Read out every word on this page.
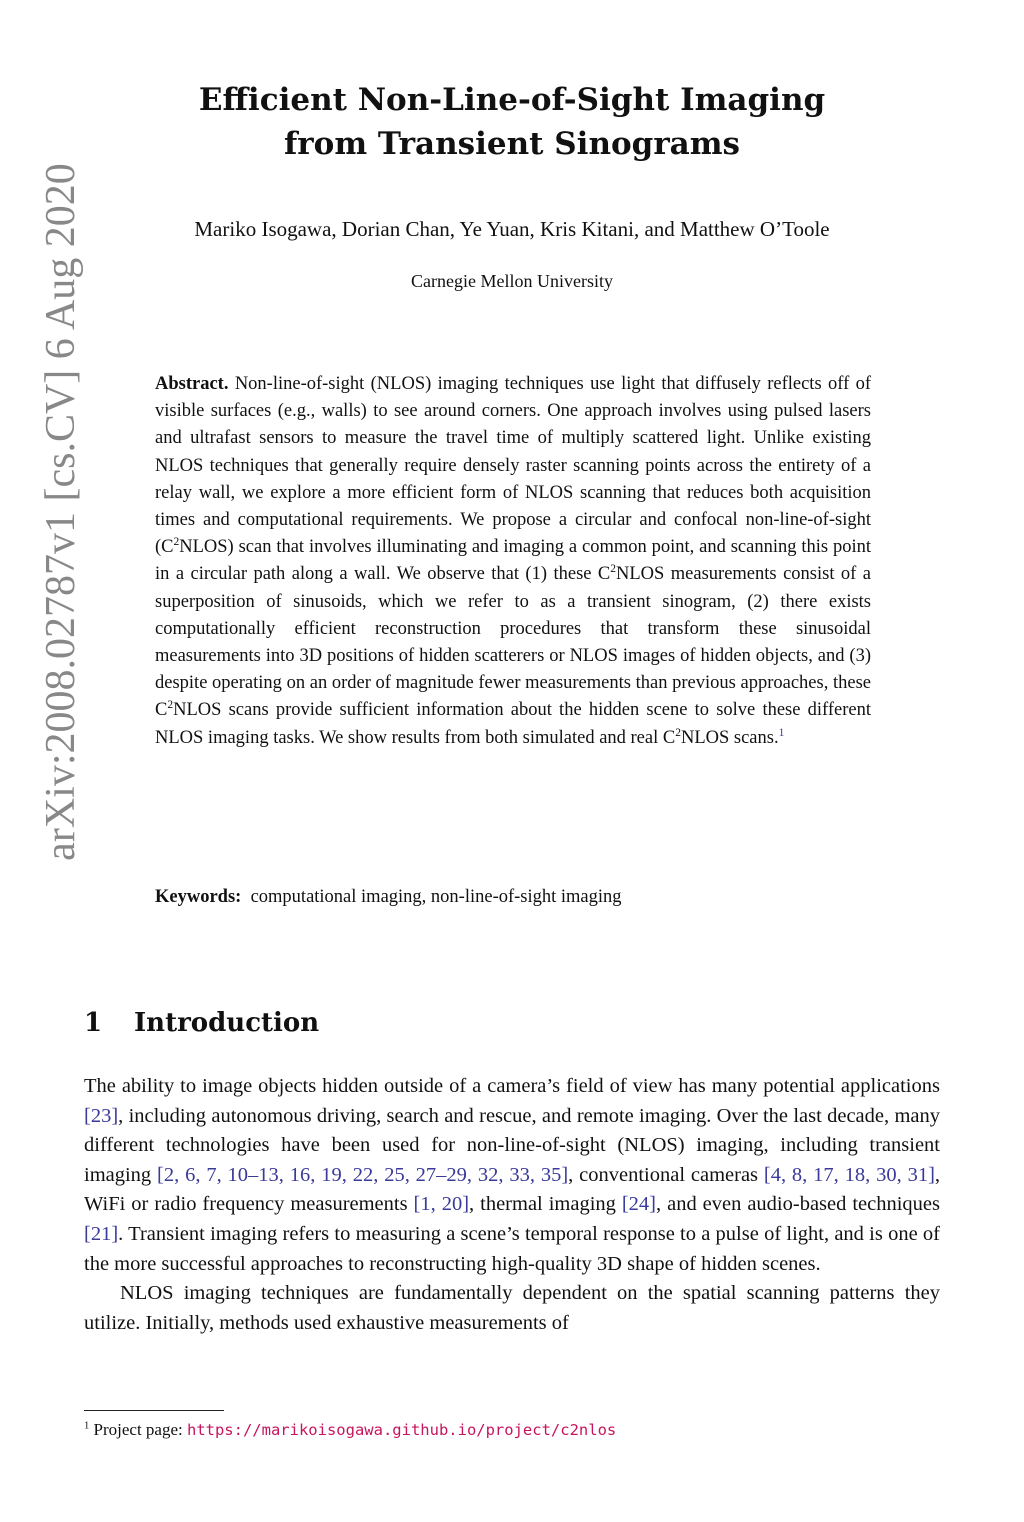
arXiv:2008.02787v1 [cs.CV] 6 Aug 2020
Efficient Non-Line-of-Sight Imaging
from Transient Sinograms
Mariko Isogawa, Dorian Chan, Ye Yuan, Kris Kitani, and Matthew O’Toole
Carnegie Mellon University
Abstract. Non-line-of-sight (NLOS) imaging techniques use light that diffusely reflects off of visible surfaces (e.g., walls) to see around corners. One approach involves using pulsed lasers and ultrafast sensors to measure the travel time of multiply scattered light. Unlike existing NLOS techniques that generally require densely raster scanning points across the entirety of a relay wall, we explore a more efficient form of NLOS scanning that reduces both acquisition times and computational requirements. We propose a circular and confocal non-line-of-sight $(C^2NLOS)$ scan that involves illuminating and imaging a common point, and scanning this point in a circular path along a wall. We observe that (1) these $C^2NLOS$ measurements consist of a superposition of sinusoids, which we refer to as a transient sinogram, (2) there exists computationally efficient reconstruction procedures that transform these sinusoidal measurements into 3D positions of hidden scatterers or NLOS images of hidden objects, and (3) despite operating on an order of magnitude fewer measurements than previous approaches, these $C^2NLOS$ scans provide sufficient information about the hidden scene to solve these different NLOS imaging tasks. We show results from both simulated and real $C^2NLOS$ scans.$^1$
Keywords: computational imaging, non-line-of-sight imaging
1 Introduction

The ability to image objects hidden outside of a camera’s field of view has many potential applications [23], including autonomous driving, search and rescue, and remote imaging. Over the last decade, many different technologies have been used for non-line-of-sight (NLOS) imaging, including transient imaging [2, 6, 7, 10–13, 16, 19, 22, 25, 27–29, 32, 33, 35], conventional cameras [4, 8, 17, 18, 30, 31], WiFi or radio frequency measurements [1, 20], thermal imaging [24], and even audio-based techniques [21]. Transient imaging refers to measuring a scene’s temporal response to a pulse of light, and is one of the more successful approaches to reconstructing high-quality 3D shape of hidden scenes.

NLOS imaging techniques are fundamentally dependent on the spatial scanning patterns they utilize. Initially, methods used exhaustive measurements of

$^1$ Project page: https://marikoisogawa.github.io/project/c2nlos
